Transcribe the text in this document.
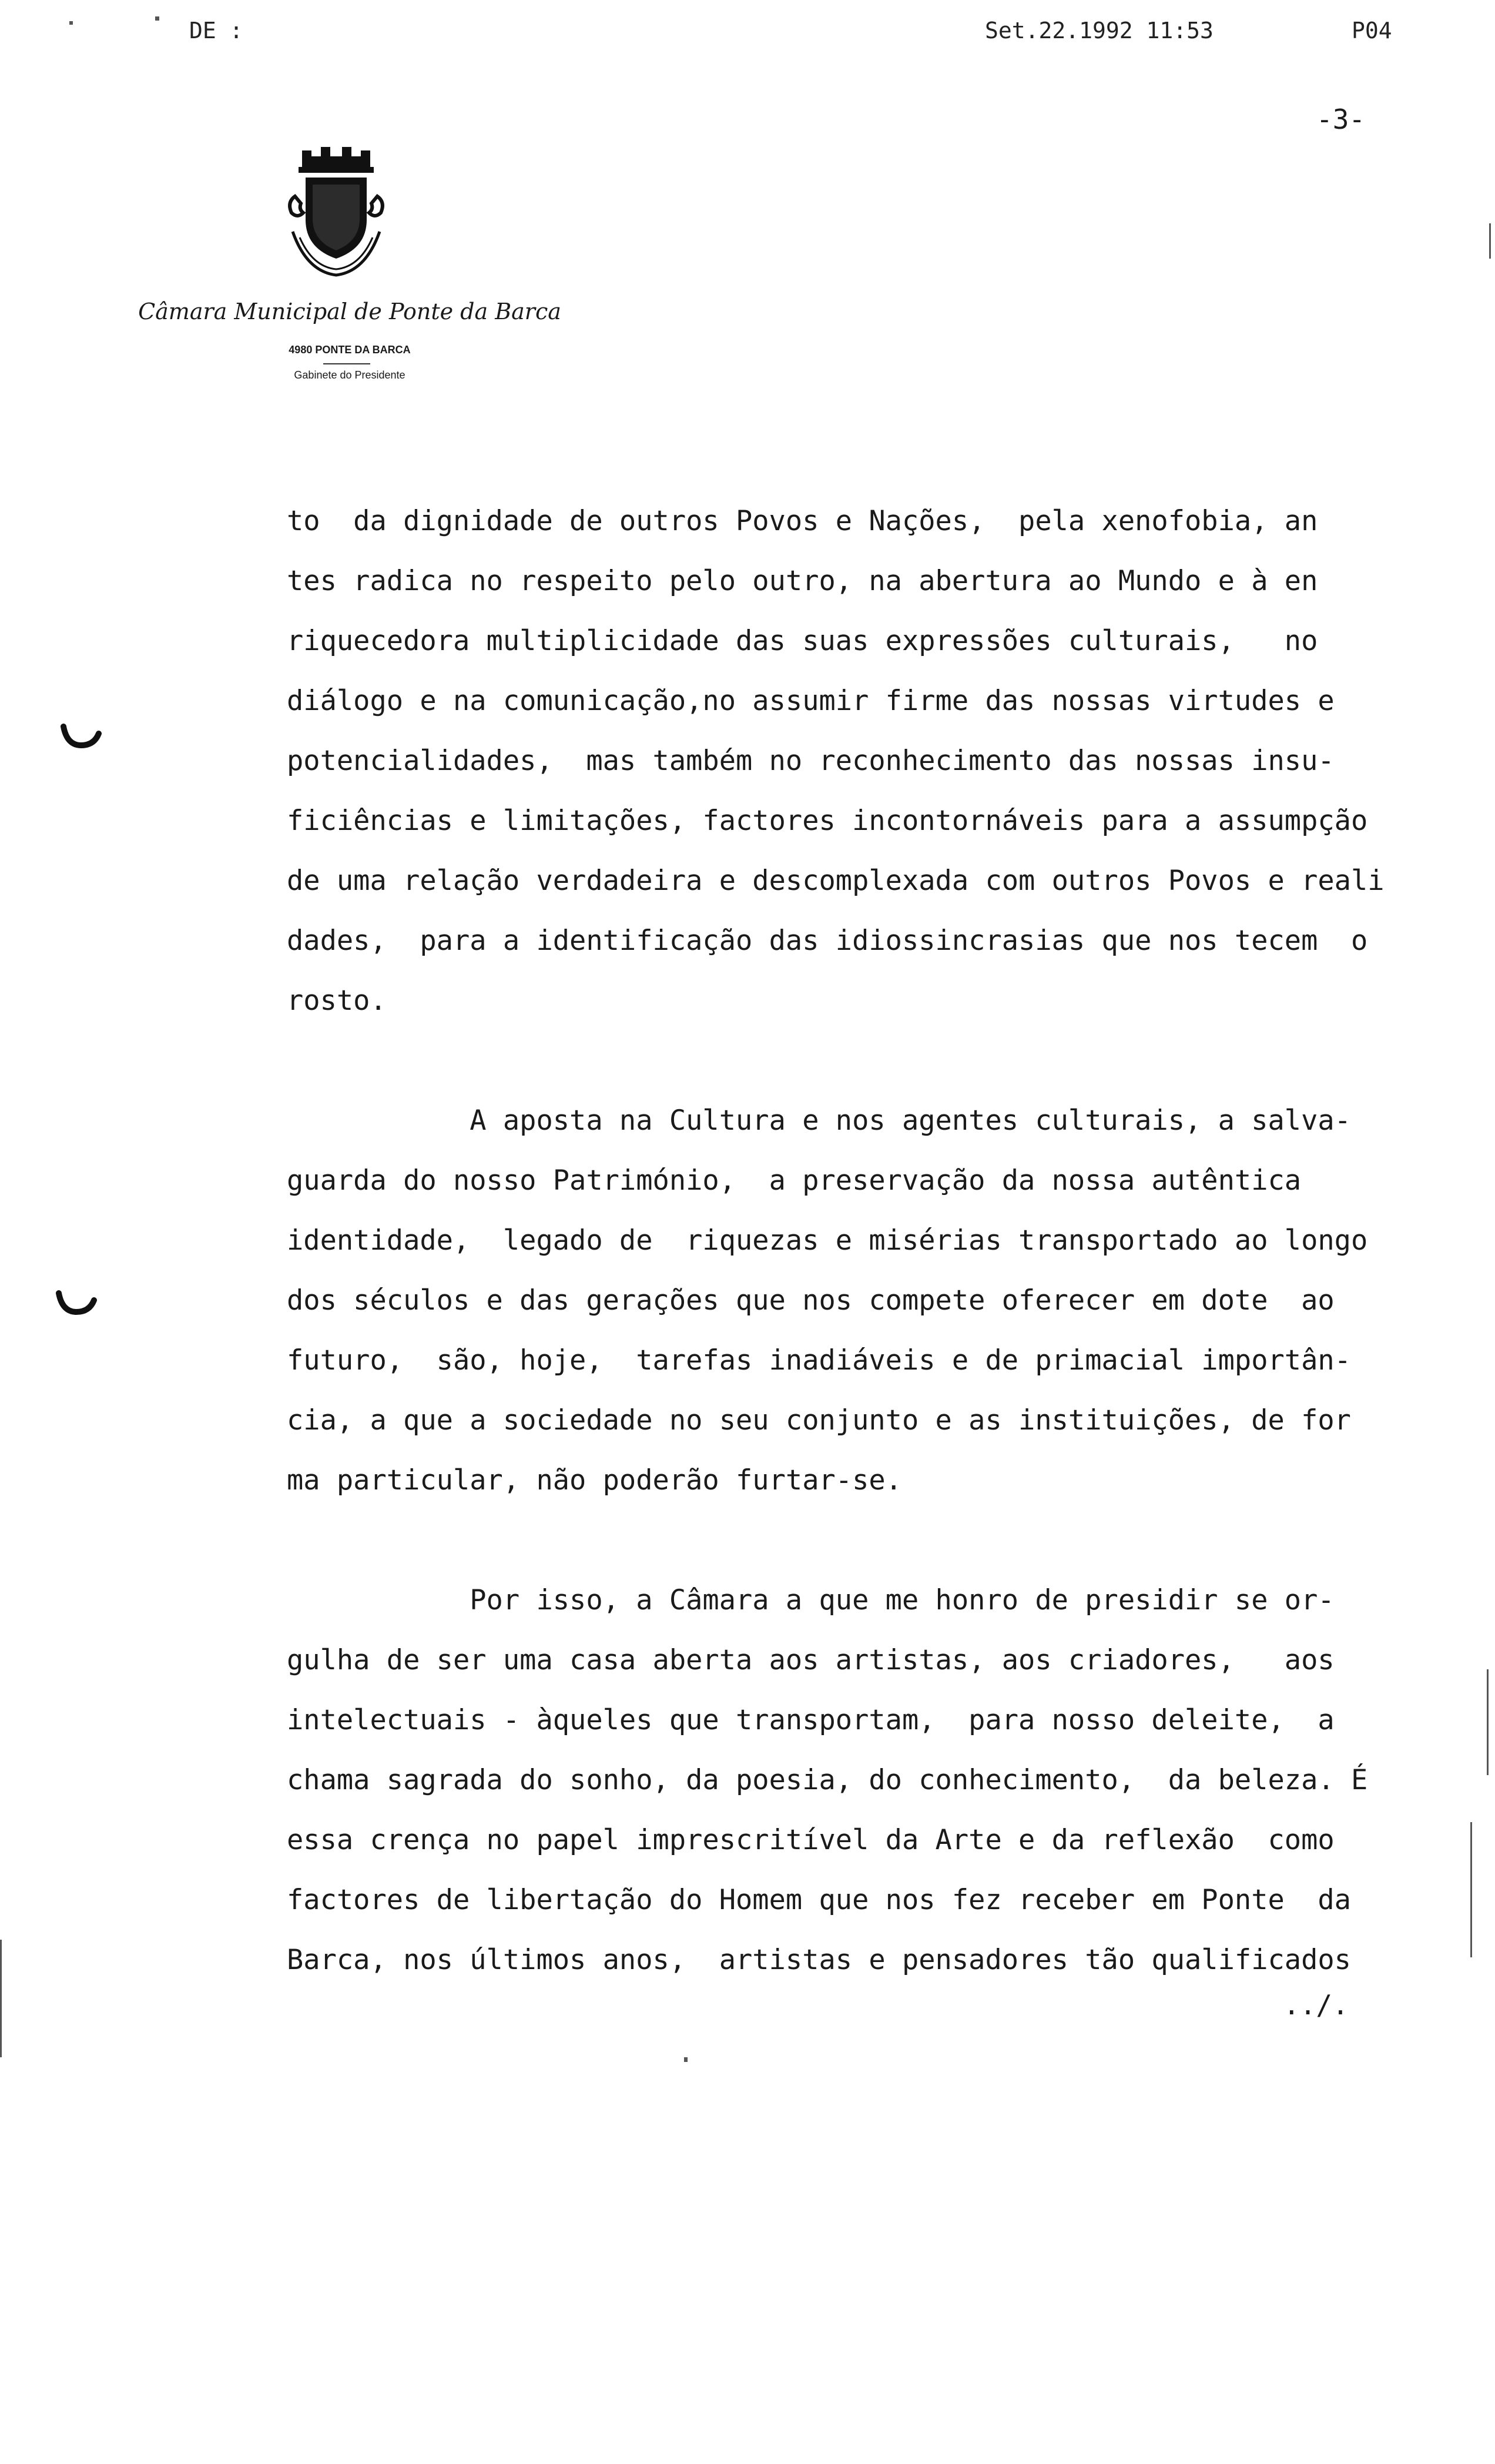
DE :	Set.22.1992 11:53	P04
-3-
Câmara Municipal de Ponte da Barca
4980 PONTE DA BARCA
Gabinete do Presidente
to  da dignidade de outros Povos e Nações,  pela xenofobia, an
tes radica no respeito pelo outro, na abertura ao Mundo e à en
riquecedora multiplicidade das suas expressões culturais,   no
diálogo e na comunicação,no assumir firme das nossas virtudes e
potencialidades,  mas também no reconhecimento das nossas insu-
ficiências e limitações, factores incontornáveis para a assumpção
de uma relação verdadeira e descomplexada com outros Povos e reali
dades,  para a identificação das idiossincrasias que nos tecem  o
rosto.
A aposta na Cultura e nos agentes culturais, a salva-
guarda do nosso Património,  a preservação da nossa autêntica
identidade,  legado de  riquezas e misérias transportado ao longo
dos séculos e das gerações que nos compete oferecer em dote  ao
futuro,  são, hoje,  tarefas inadiáveis e de primacial importân-
cia, a que a sociedade no seu conjunto e as instituições, de for
ma particular, não poderão furtar-se.
Por isso, a Câmara a que me honro de presidir se or-
gulha de ser uma casa aberta aos artistas, aos criadores,   aos
intelectuais - àqueles que transportam,  para nosso deleite,  a
chama sagrada do sonho, da poesia, do conhecimento,  da beleza. É
essa crença no papel imprescritível da Arte e da reflexão  como
factores de libertação do Homem que nos fez receber em Ponte  da
Barca, nos últimos anos,  artistas e pensadores tão qualificados
../.
